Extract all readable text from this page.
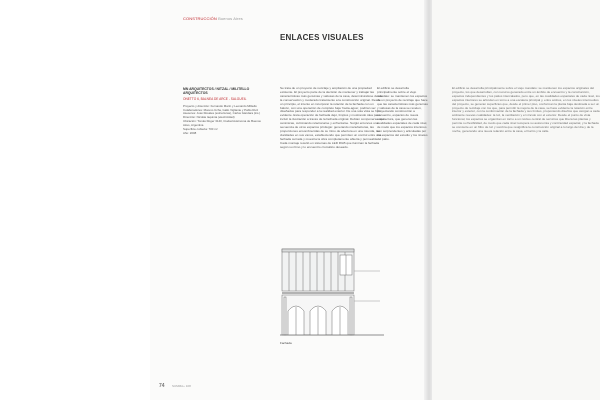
CONSTRUCCIÓN Buenos Aires
ENLACES VISUALES
MN ARQUITECTOS / NITZAL / MILITELLO ARQUITECTOS
ONETTO 6, BALNEA DE ARCE - SALGUEIL
Proyecto y dirección: Fernando Marín y Leonardo Militello
Colaboradores: Moreno Ucha, Gallo Vigliante y Pablo Ruiz
Asesores: José Rosales (estructuras), Carlos Gándara (ins.)
Dirección: Nicolás Iaquinta (electricidad)
Ubicación: Tomás Roger 3143, Ciudad Autónoma de Buenos Aires, Argentina
Superficie cubierta: 700 m²
Año: 2008
Se trata de un proyecto de reciclaje y ampliación de una propiedad existente. El proyecto parte de la decisión de mantener y trabajar las características más genuinas y valiosas de la casa, determinándose desde la conservación y moderado tratamiento a la construcción original. Desde un principio, el intento en incorporar la relación de la fachada con un balcón, con una operación de completo baja ‘hacia-agua’, podrían ser diseñados para responder a la realidad exterior. De una sola vista se hizo evidente. Esta operación de fachada dejó, limpios y mostrando idea para incluir la ilustración a través de la fachada original. Debían componerse una cerámicas, culminando relacionarse y enfrentarse. Surgió entonces una secuencia de otros espacios privilegio: generando manufacturas, las proporciones ensombrecidas de su ritmo de abertura en una rotunda, las claridades en sus vanos, estableciendo que permiten un control entre una fachada cerrada y muestra la obra completamente abierta y permeable. Cada montaje resultó en sistemas de LED RGB que iluminan la fachada según su ritmo y lo encuentro cromático deseado.
El edificio se desarrolla principalmente sobre el viejo mandato: se mantienen los espacios de un proyecto de reciclaje que hace que las características más genuinas y valiosas de la casa se revelen, proyectando construcción a encuentro, espacios de nueva arquitectura, que generan las cualidades espaciales de cada nivel, de modo que los espacios interiores son sorprendentes y articuladas por los espacios del estudio y los niveles del patio.
El edificio se desarrolla principalmente sobre el viejo mandato: se mantienen los espacios originales del proyecto, los que desarrollan, con recurso generado entre un ámbito de encuentro y la construcción, espacios independientes y los patios intercalados, pero que, en las cualidades espaciales de cada nivel, los espacios interiores se articulan en torno a una escalera principal y, entre ambos, en los niveles intermedios del proyecto, se generan superficies que, desde el primer piso, conforman la planta baja destinada a ser un proyecto de reciclaje con los que, para permitir la mejora de la casa, se hace evidente la relación entre interior y exterior, con la conformación de la fachada y sus límites, proponiendo diseños que otorgan a cada ambiente nuevas cualidades: la luz, la ventilación y el vínculo con el exterior. Desde el punto de vista funcional, los espacios se organizan en torno a un núcleo central de servicios que libera las plantas y permite su flexibilidad, de modo que cada nivel recupera su autonomía y continuidad espacial, y la fachada se convierte en un filtro de luz y sombra que resignifica la construcción original a lo largo del día y de la noche, generando una nueva relación entre la casa, el barrio y la calle.
Fachada
74 SUMMA+ 108
